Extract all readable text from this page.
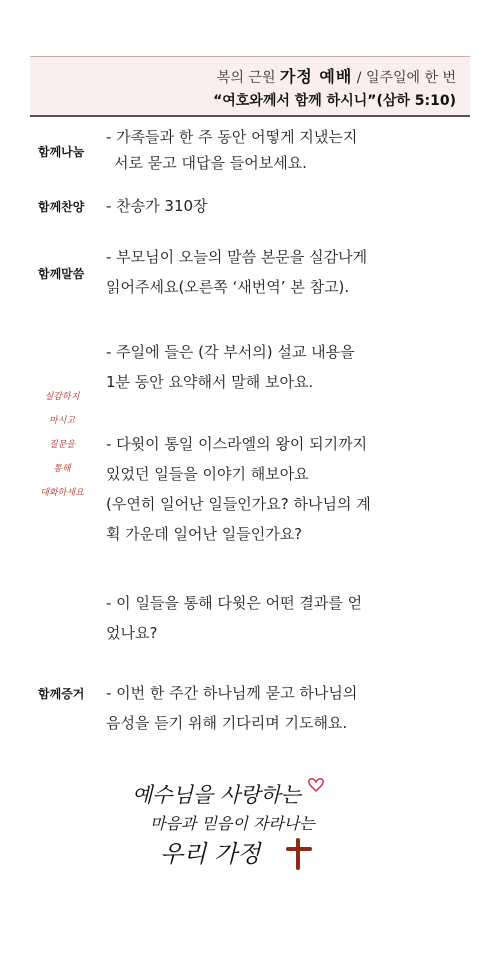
복의 근원 가정 예배 / 일주일에 한 번
“여호와께서 함께 하시니”(삼하 5:10)
함께나눔
- 가족들과 한 주 동안 어떻게 지냈는지
서로 묻고 대답을 들어보세요.
함께찬양 - 찬송가 310장
함께말씀
- 부모님이 오늘의 말씀 본문을 실감나게
읽어주세요(오른쪽 ‘새번역’ 본 참고).
- 주일에 들은 (각 부서의) 설교 내용을
1분 동안 요약해서 말해 보아요.
실감하지
마시고
질문을
통해
대화하세요
- 다윗이 통일 이스라엘의 왕이 되기까지
있었던 일들을 이야기 해보아요
(우연히 일어난 일들인가요? 하나님의 계
획 가운데 일어난 일들인가요?
- 이 일들을 통해 다윗은 어떤 결과를 얻
었나요?
함께증거 - 이번 한 주간 하나님께 묻고 하나님의
음성을 듣기 위해 기다리며 기도해요.
예수님을 사랑하는
마음과 믿음이 자라나는
우리 가정
